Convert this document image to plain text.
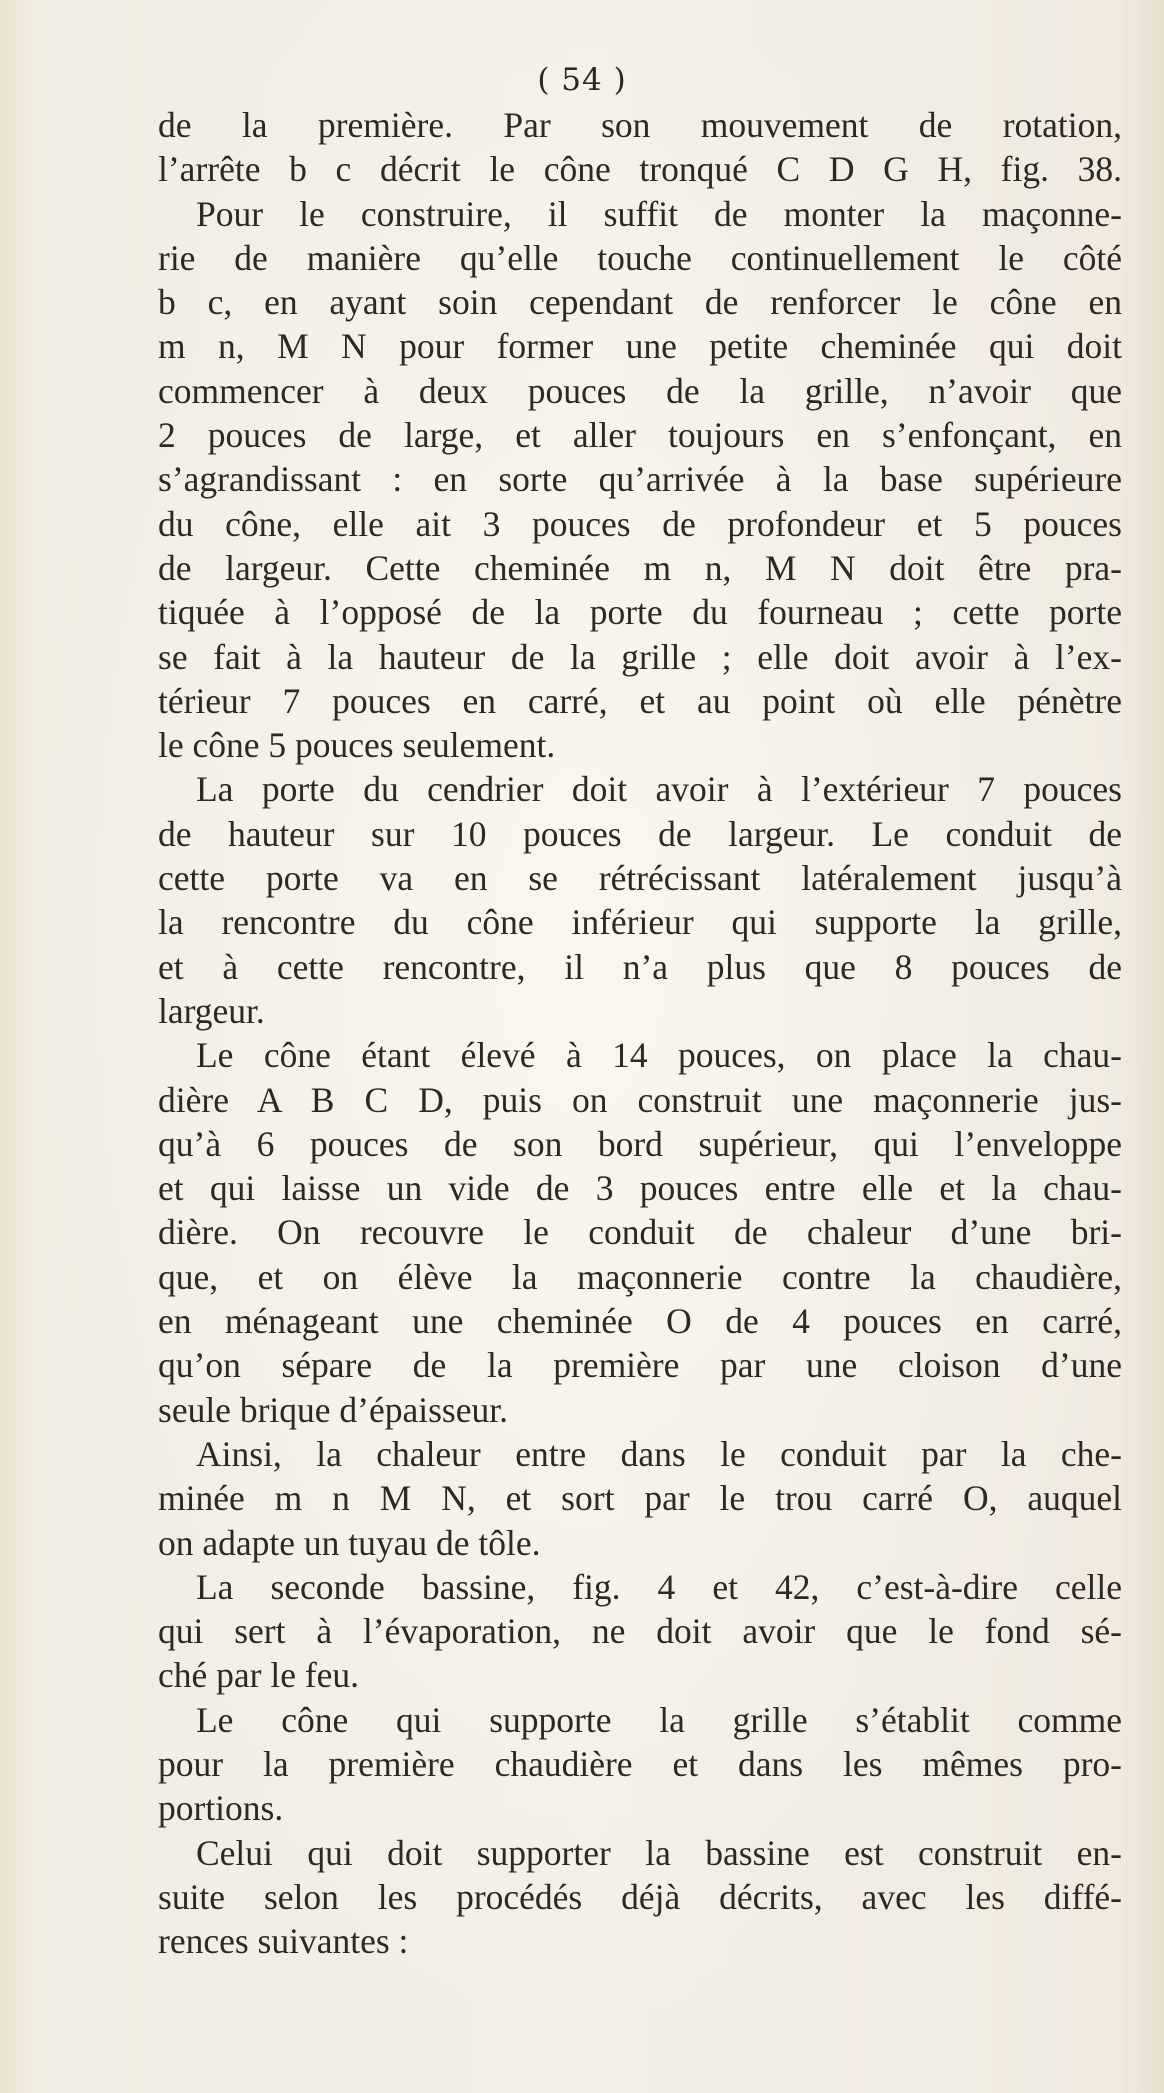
( 54 )
de la première. Par son mouvement de rotation,
l’arrête b c décrit le cône tronqué C D G H, fig. 38.
Pour le construire, il suffit de monter la maçonne-
rie de manière qu’elle touche continuellement le côté
b c, en ayant soin cependant de renforcer le cône en
m n, M N pour former une petite cheminée qui doit
commencer à deux pouces de la grille, n’avoir que
2 pouces de large, et aller toujours en s’enfonçant, en
s’agrandissant : en sorte qu’arrivée à la base supérieure
du cône, elle ait 3 pouces de profondeur et 5 pouces
de largeur. Cette cheminée m n, M N doit être pra-
tiquée à l’opposé de la porte du fourneau ; cette porte
se fait à la hauteur de la grille ; elle doit avoir à l’ex-
térieur 7 pouces en carré, et au point où elle pénètre
le cône 5 pouces seulement.
La porte du cendrier doit avoir à l’extérieur 7 pouces
de hauteur sur 10 pouces de largeur. Le conduit de
cette porte va en se rétrécissant latéralement jusqu’à
la rencontre du cône inférieur qui supporte la grille,
et à cette rencontre, il n’a plus que 8 pouces de
largeur.
Le cône étant élevé à 14 pouces, on place la chau-
dière A B C D, puis on construit une maçonnerie jus-
qu’à 6 pouces de son bord supérieur, qui l’enveloppe
et qui laisse un vide de 3 pouces entre elle et la chau-
dière. On recouvre le conduit de chaleur d’une bri-
que, et on élève la maçonnerie contre la chaudière,
en ménageant une cheminée O de 4 pouces en carré,
qu’on sépare de la première par une cloison d’une
seule brique d’épaisseur.
Ainsi, la chaleur entre dans le conduit par la che-
minée m n M N, et sort par le trou carré O, auquel
on adapte un tuyau de tôle.
La seconde bassine, fig. 4 et 42, c’est-à-dire celle
qui sert à l’évaporation, ne doit avoir que le fond sé-
ché par le feu.
Le cône qui supporte la grille s’établit comme
pour la première chaudière et dans les mêmes pro-
portions.
Celui qui doit supporter la bassine est construit en-
suite selon les procédés déjà décrits, avec les diffé-
rences suivantes :
